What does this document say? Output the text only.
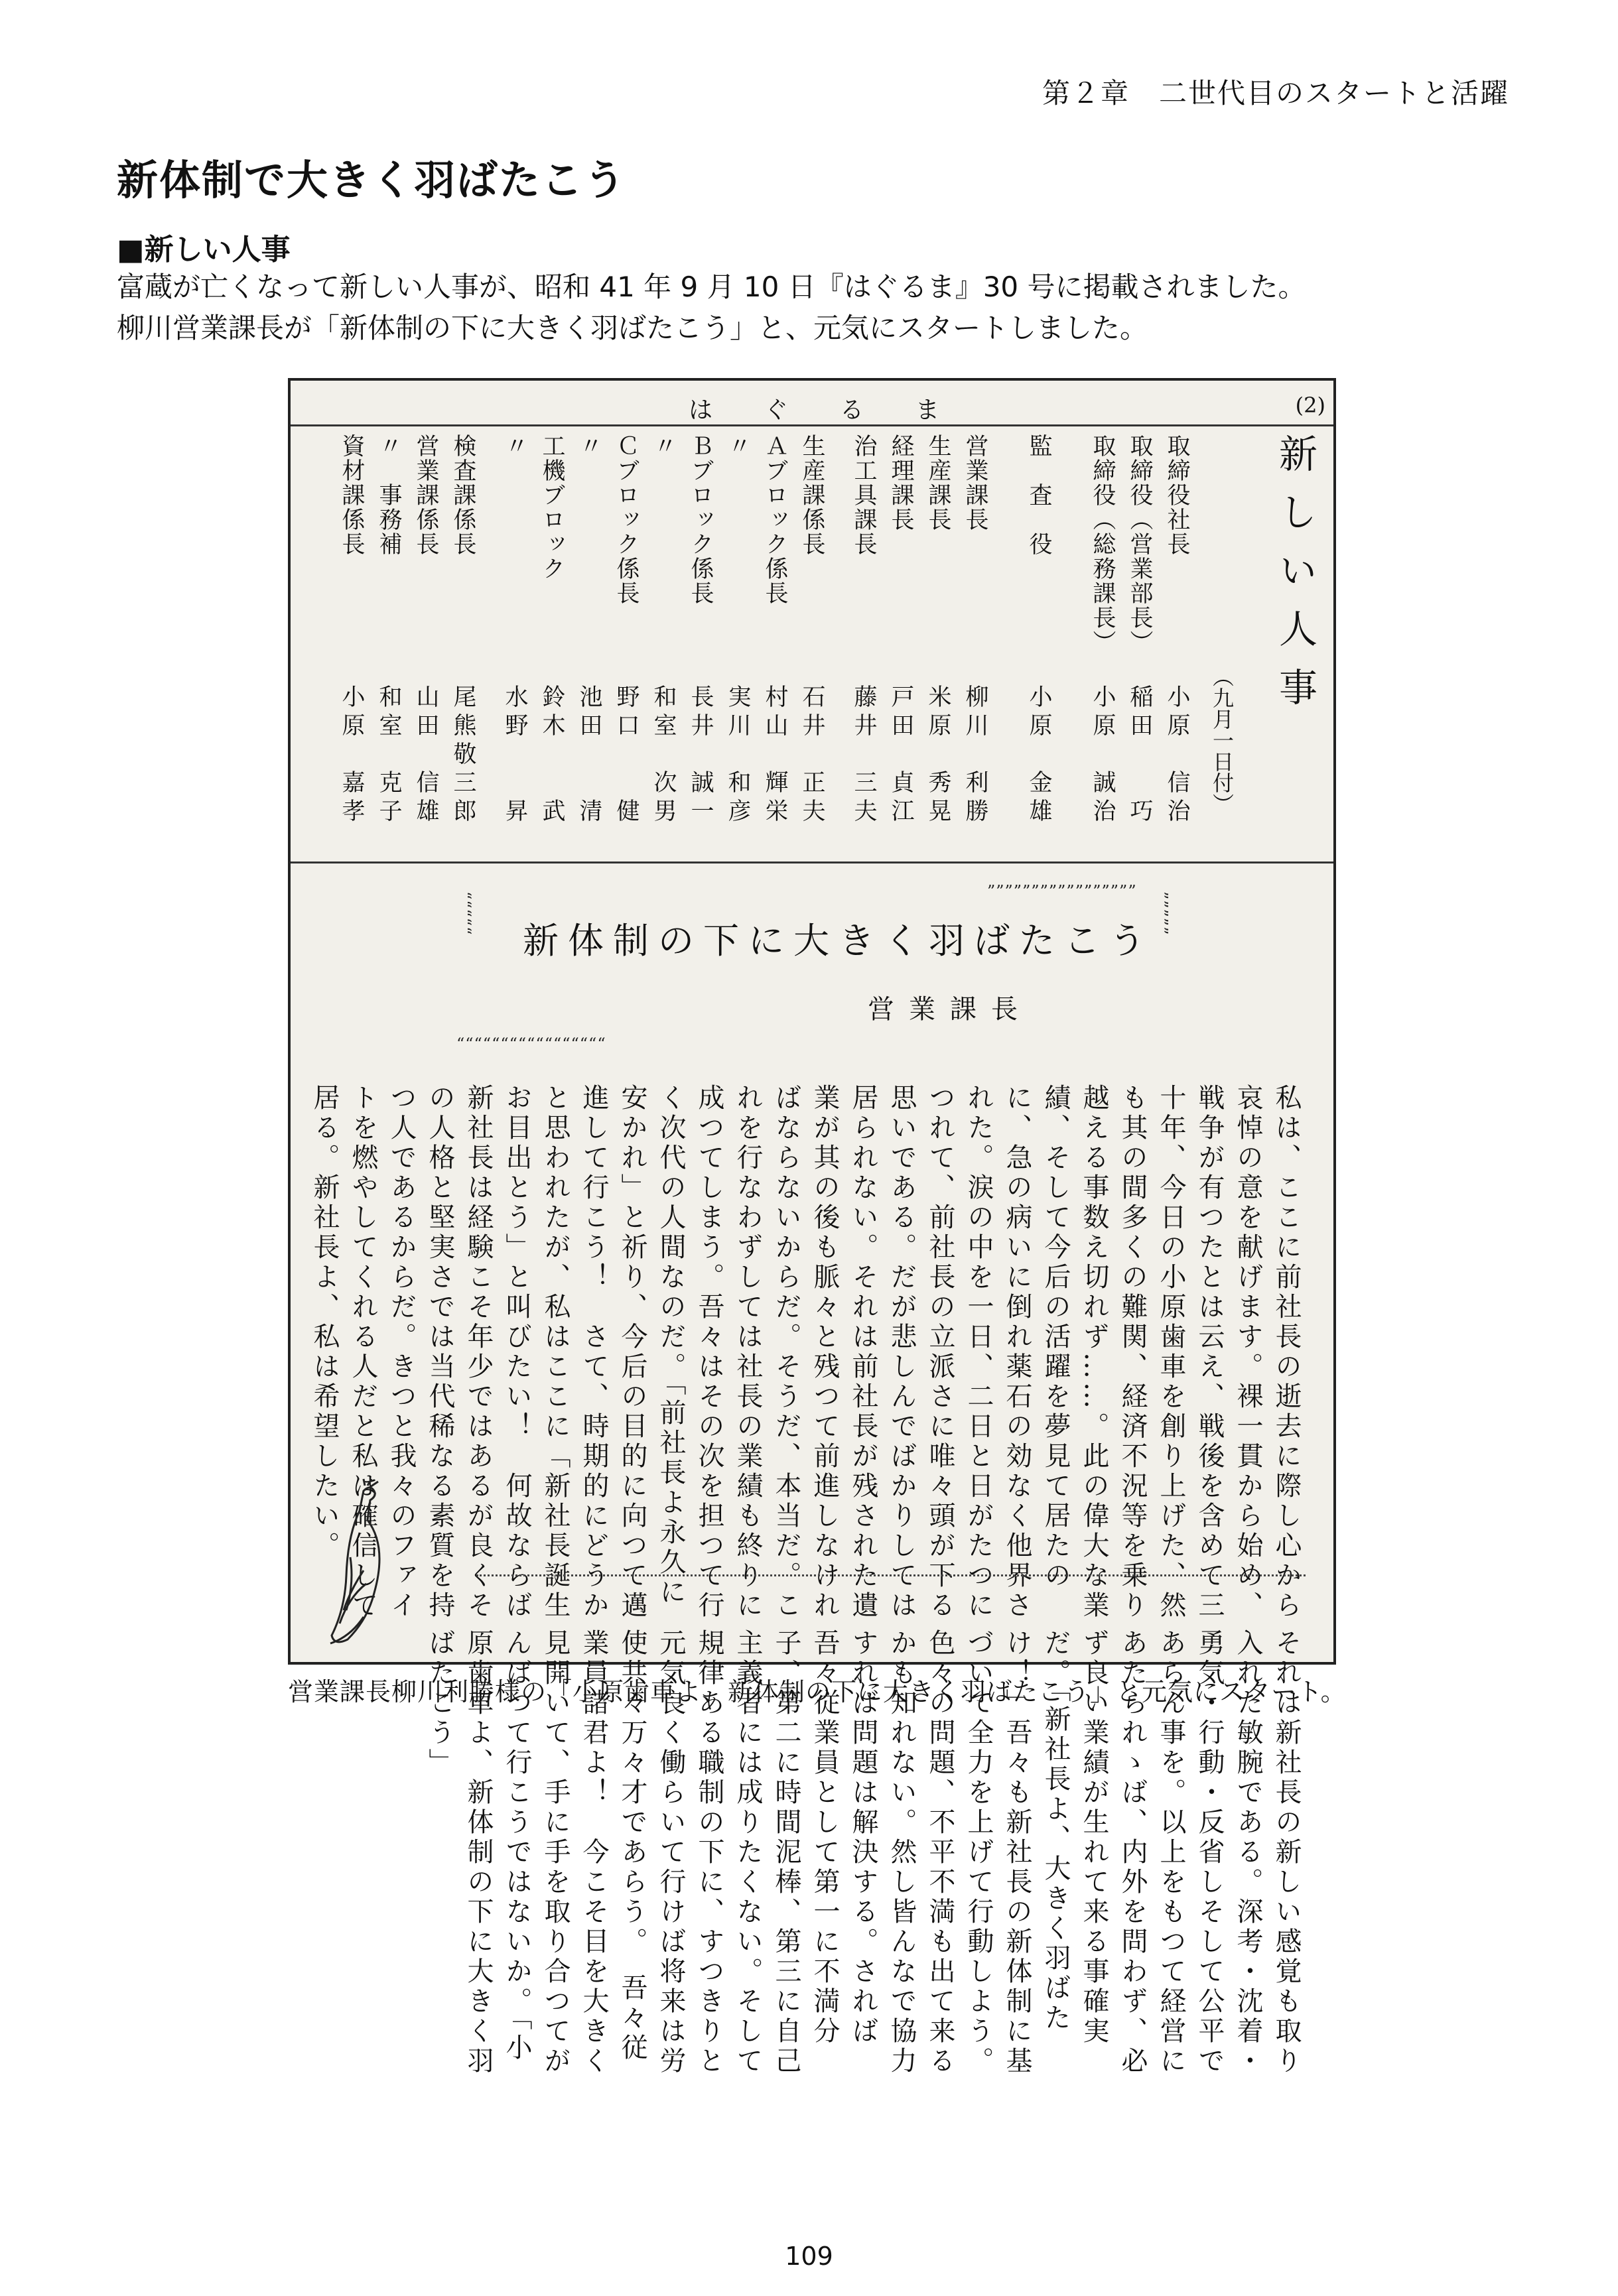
第２章　二世代目のスタートと活躍
新体制で大きく羽ばたこう
■新しい人事
富蔵が亡くなって新しい人事が、昭和 41 年 9 月 10 日『はぐるま』30 号に掲載されました。
柳川営業課長が「新体制の下に大きく羽ばたこう」と、元気にスタートしました。
はぐるま	(2)
新しい人事
（九月一日付）
取締役社長
小原　信治
取締役（営業部長）
稲田　　巧
取締役（総務課長）
小原　誠治
監　査　役
小原　金雄
営業課長
柳川　利勝
生産課長
米原　秀晃
経理課長
戸田　貞江
治工具課長
藤井　三夫
生産課係長
石井　正夫
Ａブロック係長
村山　輝栄
〃
実川　和彦
Ｂブロック係長
長井　誠一
〃
和室　次男
Ｃブロック係長
野口　　健
〃
池田　　清
工機ブロック
鈴木　　武
〃
水野　　昇
検査課係長
尾熊敬三郎
営業課係長
山田　信雄
〃　事務補
和室　克子
資材課係長
小原　嘉孝
”””””””””””””””””
“““““““““““““““““
”””””
“““““
新体制の下に大きく羽ばたこう
営業課長

私は、ここに前社長の逝去に際し心から哀悼の意を献げます。裸一貫から始め、戦争が有つたとは云え、戦後を含めて三十年、今日の小原歯車を創り上げた、然も其の間多くの難関、経済不況等を乗り越える事数え切れず……。此の偉大な業績、そして今后の活躍を夢見て居たのに、急の病いに倒れ薬石の効なく他界された。涙の中を一日、二日と日がたつにつれて、前社長の立派さに唯々頭が下る思いである。だが悲しんでばかりしては居られない。それは前社長が残された遺業が其の後も脈々と残つて前進しなければならないからだ。そうだ、本当だ。これを行なわずしては社長の業績も終りに成つてしまう。吾々はその次を担つて行く次代の人間なのだ。「前社長よ永久に安かれ」と祈り、今后の目的に向つて邁進して行こう！　さて、時期的にどうかと思われたが、私はここに「新社長誕生お目出とう」と叫びたい！　何故ならば新社長は経験こそ年少ではあるが良くその人格と堅実さでは当代稀なる素質を持つ人であるからだ。きつと我々のファイトを燃やしてくれる人だと私は確信して居る。新社長よ、私は希望したい。

それは新社長の新しい感覚も取り入れた敏腕である。深考・沈着・勇気・行動・反省しそして公平であらん事を。以上をもつて経営にあたられゝば、内外を問わず、必ず良い業績が生れて来る事確実だ。「新社長よ、大きく羽ばたけ！」吾々も新社長の新体制に基づいて全力を上げて行動しよう。色々の問題、不平不満も出て来るかも知れない。然し皆んなで協力すれば問題は解決する。されば吾々従業員として第一に不満分子、第二に時間泥棒、第三に自己主義者には成りたくない。そして規律ある職制の下に、すつきりと元気良く働らいて行けば将来は労使共々万々才であらう。　吾々従業員諸君よ！　今こそ目を大きく見開いて、手に手を取り合つてがんばつて行こうではないか。「小原歯車よ、新体制の下に大きく羽ばたこう」

営業課長柳川利勝様の「小原歯車よ、新体制の下に大きく羽ばたこう」と元気にスタート。
109
